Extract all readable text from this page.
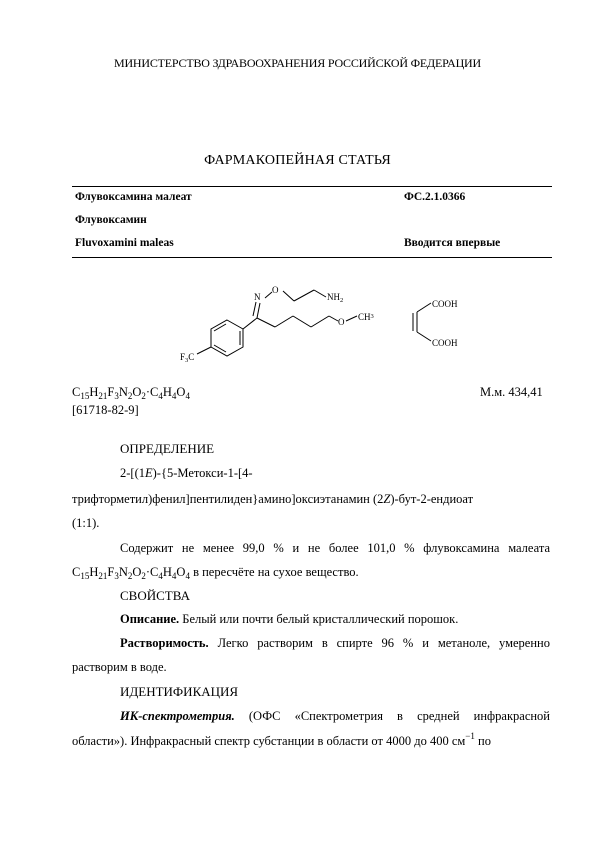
МИНИСТЕРСТВО ЗДРАВООХРАНЕНИЯ РОССИЙСКОЙ ФЕДЕРАЦИИ
ФАРМАКОПЕЙНАЯ СТАТЬЯ
Флувоксамина малеат	ФС.2.1.0366
Флувоксамин
Fluvoxamini maleas	Вводится впервые
N
O
$NH_2$
O $CH^3$
$F_3C$
COOH
COOH
$C_{15}H_{21}F_3N_2O_2\cdot C_4H_4O_4$	М.м. 434,41
[61718-82-9]
ОПРЕДЕЛЕНИЕ
2-[(1E)-{5-Метокси-1-[4-
трифторметил)фенил]пентилиден}амино]оксиэтанамин (2Z)-бут-2-ендиоат
(1:1).
Содержит не менее 99,0 % и не более 101,0 % флувоксамина малеата
$C_{15}H_{21}F_3N_2O_2\cdot C_4H_4O_4$ в пересчёте на сухое вещество.
СВОЙСТВА
Описание. Белый или почти белый кристаллический порошок.
Растворимость. Легко растворим в спирте 96 % и метаноле, умеренно
растворим в воде.
ИДЕНТИФИКАЦИЯ
ИК-спектрометрия. (ОФС «Спектрометрия в средней инфракрасной
области»). Инфракрасный спектр субстанции в области от 4000 до 400 $см^{-1}$ по
